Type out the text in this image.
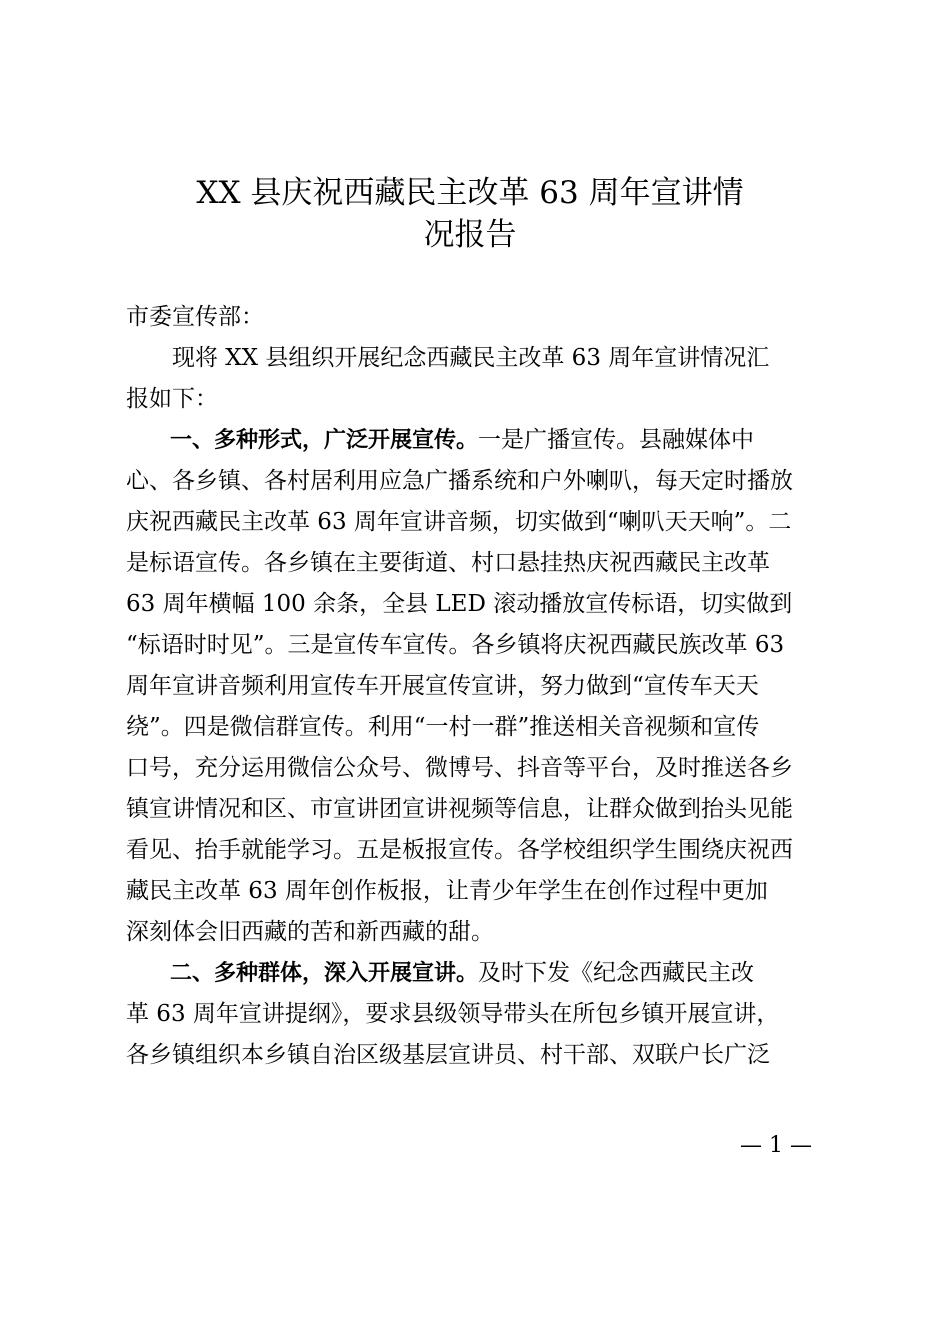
XX 县庆祝西藏民主改革 63 周年宣讲情
况报告
市委宣传部：
　　现将 XX 县组织开展纪念西藏民主改革 63 周年宣讲情况汇
报如下：
　　一、多种形式，广泛开展宣传。一是广播宣传。县融媒体中
心、各乡镇、各村居利用应急广播系统和户外喇叭，每天定时播放
庆祝西藏民主改革 63 周年宣讲音频，切实做到“喇叭天天响”。二
是标语宣传。各乡镇在主要街道、村口悬挂热庆祝西藏民主改革
63 周年横幅 100 余条，全县 LED 滚动播放宣传标语，切实做到
“标语时时见”。三是宣传车宣传。各乡镇将庆祝西藏民族改革 63
周年宣讲音频利用宣传车开展宣传宣讲，努力做到“宣传车天天
绕”。四是微信群宣传。利用“一村一群”推送相关音视频和宣传
口号，充分运用微信公众号、微博号、抖音等平台，及时推送各乡
镇宣讲情况和区、市宣讲团宣讲视频等信息，让群众做到抬头见能
看见、抬手就能学习。五是板报宣传。各学校组织学生围绕庆祝西
藏民主改革 63 周年创作板报，让青少年学生在创作过程中更加
深刻体会旧西藏的苦和新西藏的甜。
　　二、多种群体，深入开展宣讲。及时下发《纪念西藏民主改
革 63 周年宣讲提纲》，要求县级领导带头在所包乡镇开展宣讲，
各乡镇组织本乡镇自治区级基层宣讲员、村干部、双联户长广泛
— 1 —
